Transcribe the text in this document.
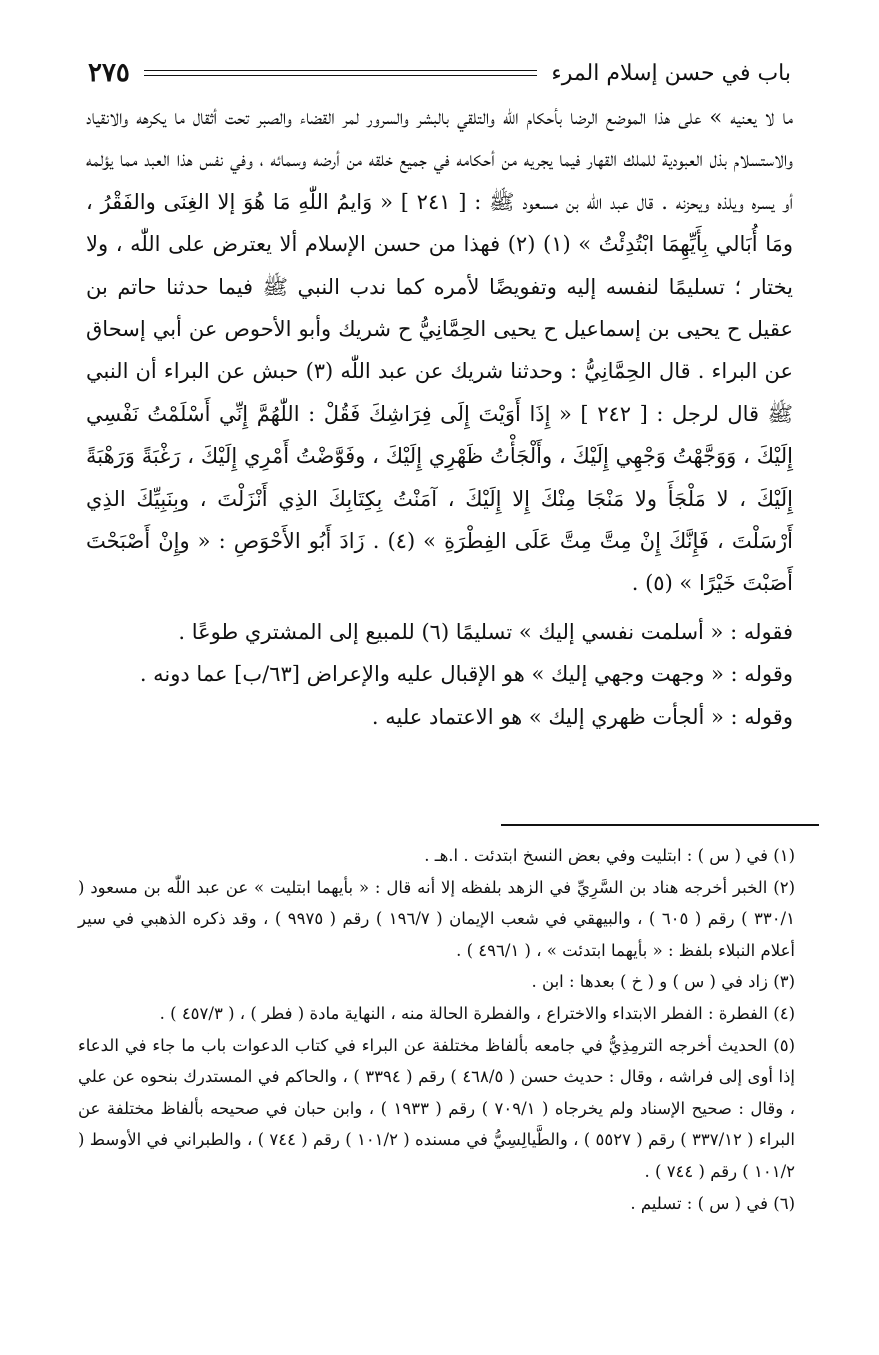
باب في حسن إسلام المرء
٢٧٥

ما لا يعنيه » على هذا الموضع الرضا بأحكام اللّٰه والتلقي بالبشر والسرور لمر القضاء والصبر تحت أثقال ما يكرهه والانقياد والاستسلام بذل العبودية للملك القهار فيما يجريه من أحكامه في جميع خلقه من أرضه وسمائه ، وفي نفس هذا العبد مما يؤلمه أو يسره ويلذه ويحزنه . قال عبد اللّٰه بن مسعود ﷺ : [ ٢٤١ ] « وَايمُ اللّٰهِ مَا هُوَ إلا الغِنَى والفَقْرُ ، ومَا أُبَالي بِأَيِّهِمَا ابْتُدِئْتُ » (١) (٢) فهذا من حسن الإسلام ألا يعترض على اللّٰه ، ولا يختار ؛ تسليمًا لنفسه إليه وتفويضًا لأمره كما ندب النبي ﷺ فيما حدثنا حاتم بن عقيل ح يحيى بن إسماعيل ح يحيى الحِمَّانِيُّ ح شريك وأبو الأحوص عن أبي إسحاق عن البراء . قال الحِمَّانِيُّ : وحدثنا شريك عن عبد اللّٰه (٣) حبش عن البراء أن النبي ﷺ قال لرجل : [ ٢٤٢ ] « إِذَا أَوَيْتَ إِلَى فِرَاشِكَ فَقُلْ : اللّٰهُمَّ إِنِّي أَسْلَمْتُ نَفْسِي إِلَيْكَ ، وَوَجَّهْتُ وَجْهِي إِلَيْكَ ، وأَلْجَأْتُ ظَهْرِي إِلَيْكَ ، وفَوَّضْتُ أَمْرِي إِلَيْكَ ، رَغْبَةً وَرَهْبَةً إِلَيْكَ ، لا مَلْجَأَ ولا مَنْجَا مِنْكَ إِلا إِلَيْكَ ، آمَنْتُ بِكِتَابِكَ الذِي أَنْزَلْتَ ، وبِنَبِيِّكَ الذِي أَرْسَلْتَ ، فَإِنَّكَ إِنْ مِتَّ مِتَّ عَلَى الفِطْرَةِ » (٤) . زَادَ أَبُو الأَحْوَصِ : « وإِنْ أَصْبَحْتَ أَصَبْتَ خَيْرًا » (٥) .

فقوله : « أسلمت نفسي إليك » تسليمًا (٦) للمبيع إلى المشتري طوعًا .

وقوله : « وجهت وجهي إليك » هو الإقبال عليه والإعراض [٦٣/ب] عما دونه .

وقوله : « ألجأت ظهري إليك » هو الاعتماد عليه .

(١) في ( س ) : ابتليت وفي بعض النسخ ابتدئت . ا.هـ .

(٢) الخبر أخرجه هناد بن السَّرِيِّ في الزهد بلفظه إلا أنه قال : « بأيهما ابتليت » عن عبد اللّٰه بن مسعود ( ٣٣٠/١ ) رقم ( ٦٠٥ ) ، والبيهقي في شعب الإيمان ( ١٩٦/٧ ) رقم ( ٩٩٧٥ ) ، وقد ذكره الذهبي في سير أعلام النبلاء بلفظ : « بأيهما ابتدئت » ، ( ٤٩٦/١ ) .

(٣) زاد في ( س ) و ( خ ) بعدها : ابن .

(٤) الفطرة : الفطر الابتداء والاختراع ، والفطرة الحالة منه ، النهاية مادة ( فطر ) ، ( ٤٥٧/٣ ) .

(٥) الحديث أخرجه الترمِذِيُّ في جامعه بألفاظ مختلفة عن البراء في كتاب الدعوات باب ما جاء في الدعاء إذا أوى إلى فراشه ، وقال : حديث حسن ( ٤٦٨/٥ ) رقم ( ٣٣٩٤ ) ، والحاكم في المستدرك بنحوه عن علي ، وقال : صحيح الإسناد ولم يخرجاه ( ٧٠٩/١ ) رقم ( ١٩٣٣ ) ، وابن حبان في صحيحه بألفاظ مختلفة عن البراء ( ٣٣٧/١٢ ) رقم ( ٥٥٢٧ ) ، والطَّيالِسِيُّ في مسنده ( ١٠١/٢ ) رقم ( ٧٤٤ ) ، والطبراني في الأوسط ( ١٠١/٢ ) رقم ( ٧٤٤ ) .

(٦) في ( س ) : تسليم .
